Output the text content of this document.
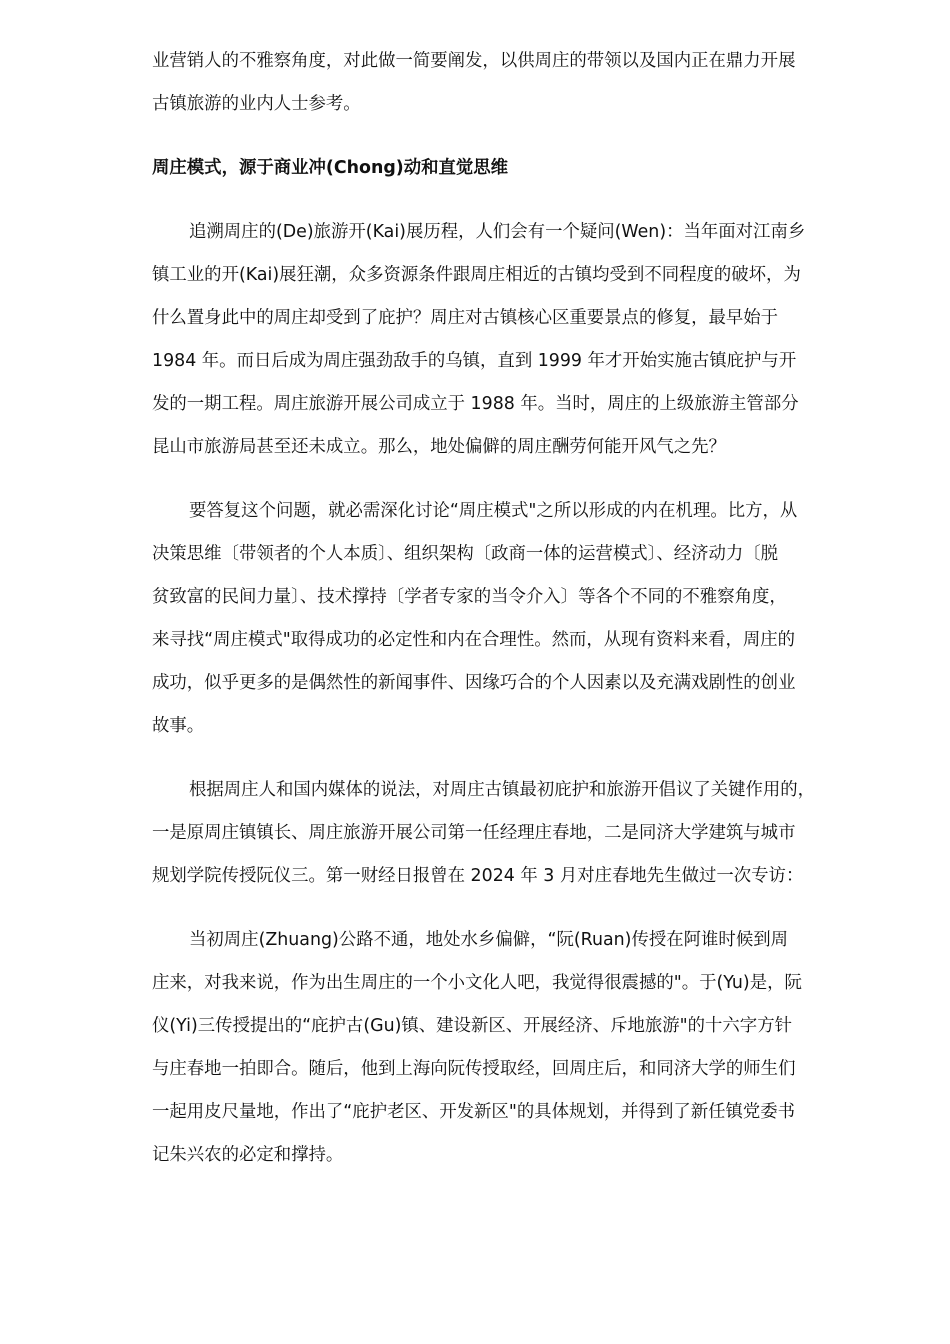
业营销人的不雅察角度，对此做一简要阐发，以供周庄的带领以及国内正在鼎力开展
古镇旅游的业内人士参考。
周庄模式，源于商业冲(Chong)动和直觉思维
追溯周庄的(De)旅游开(Kai)展历程，人们会有一个疑问(Wen)：当年面对江南乡
镇工业的开(Kai)展狂潮，众多资源条件跟周庄相近的古镇均受到不同程度的破坏，为
什么置身此中的周庄却受到了庇护？周庄对古镇核心区重要景点的修复，最早始于
1984 年。而日后成为周庄强劲敌手的乌镇，直到 1999 年才开始实施古镇庇护与开
发的一期工程。周庄旅游开展公司成立于 1988 年。当时，周庄的上级旅游主管部分
昆山市旅游局甚至还未成立。那么，地处偏僻的周庄酬劳何能开风气之先？
要答复这个问题，就必需深化讨论“周庄模式"之所以形成的内在机理。比方，从
决策思维〔带领者的个人本质〕、组织架构〔政商一体的运营模式〕、经济动力〔脱
贫致富的民间力量〕、技术撑持〔学者专家的当令介入〕等各个不同的不雅察角度，
来寻找“周庄模式"取得成功的必定性和内在合理性。然而，从现有资料来看，周庄的
成功，似乎更多的是偶然性的新闻事件、因缘巧合的个人因素以及充满戏剧性的创业
故事。
根据周庄人和国内媒体的说法，对周庄古镇最初庇护和旅游开倡议了关键作用的，
一是原周庄镇镇长、周庄旅游开展公司第一任经理庄春地，二是同济大学建筑与城市
规划学院传授阮仪三。第一财经日报曾在 2024 年 3 月对庄春地先生做过一次专访：
当初周庄(Zhuang)公路不通，地处水乡偏僻，“阮(Ruan)传授在阿谁时候到周
庄来，对我来说，作为出生周庄的一个小文化人吧，我觉得很震撼的"。于(Yu)是，阮
仪(Yi)三传授提出的“庇护古(Gu)镇、建设新区、开展经济、斥地旅游"的十六字方针
与庄春地一拍即合。随后，他到上海向阮传授取经，回周庄后，和同济大学的师生们
一起用皮尺量地，作出了“庇护老区、开发新区"的具体规划，并得到了新任镇党委书
记朱兴农的必定和撑持。
